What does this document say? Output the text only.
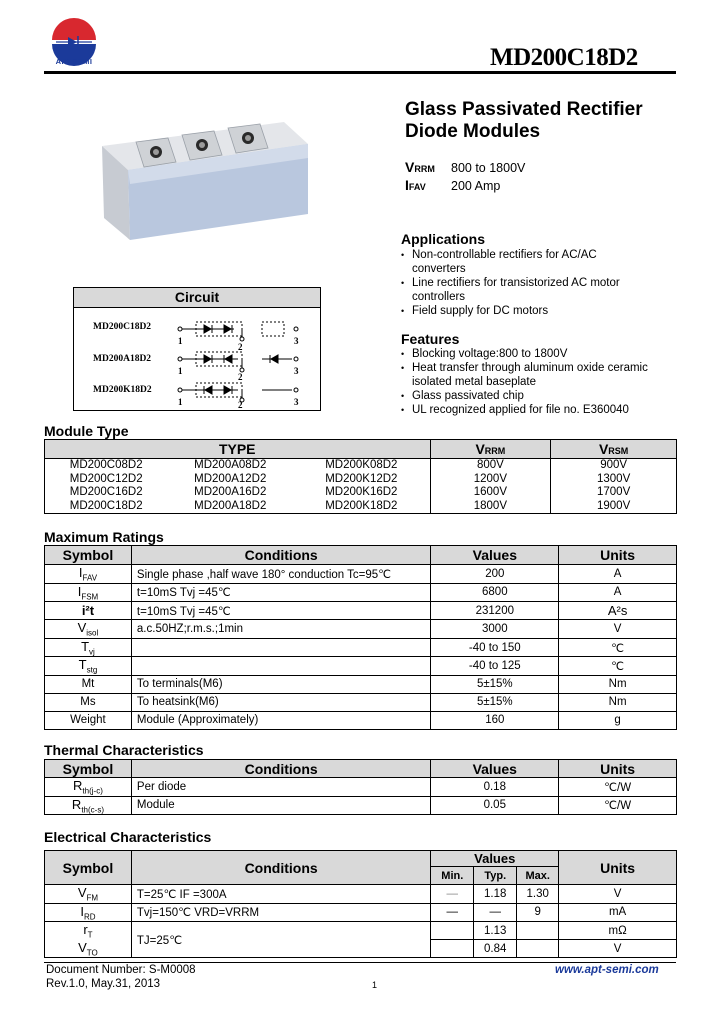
APTSEMI	MD200C18D2
Glass Passivated Rectifier
Diode Modules
VRRM 800 to 1800V
IFAV 200 Amp
Circuit
MD200C18D2
MD200A18D2
MD200K18D2
1
2
3
1
2
3
1	2	3
Applications
• Non-controllable rectifiers for AC/AC
converters
• Line rectifiers for transistorized AC motor
controllers
• Field supply for DC motors
Features
• Blocking voltage:800 to 1800V
• Heat transfer through aluminum oxide ceramic
isolated metal baseplate
• Glass passivated chip
• UL recognized applied for file no. E360040
Module Type
TYPE			VRRM	VRSM
MD200C08D2	MD200A08D2	MD200K08D2	800V	900V
MD200C12D2	MD200A12D2	MD200K12D2	1200V	1300V
MD200C16D2	MD200A16D2	MD200K16D2	1600V	1700V
MD200C18D2	MD200A18D2	MD200K18D2	1800V	1900V
Maximum Ratings
Symbol	Conditions	Values	Units
$I_{FAV}$	Single phase ,half wave 180° conduction Tc=95℃	200	A
$I_{FSM}$	t=10mS Tvj =45℃	6800	A
i²t	t=10mS Tvj =45℃	231200	A²s
$V_{isol}$	a.c.50HZ;r.m.s.;1min	3000	V
$T_{vj}$		-40 to 150	℃
$T_{stg}$		-40 to 125	℃
Mt	To terminals(M6)	5±15%	Nm
Ms	To heatsink(M6)	5±15%	Nm
Weight	Module (Approximately)	160	g
Thermal Characteristics
Symbol	Conditions	Values	Units
$R_{th(j-c)}$	Per diode	0.18	℃/W
$R_{th(c-s)}$	Module	0.05	℃/W
Electrical Characteristics
Symbol	Conditions	Values			Units
		Min.	Typ.	Max.	
$V_{FM}$	T=25℃ IF =300A	—	1.18	1.30	V
$I_{RD}$	Tvj=150℃ VRD=VRRM	—	—	9	mA
$r_T$	TJ=25℃		1.13		mΩ
$V_{TO}$			0.84		V
Document Number: S-M0008
Rev.1.0, May.31, 2013	1
www.apt-semi.com
